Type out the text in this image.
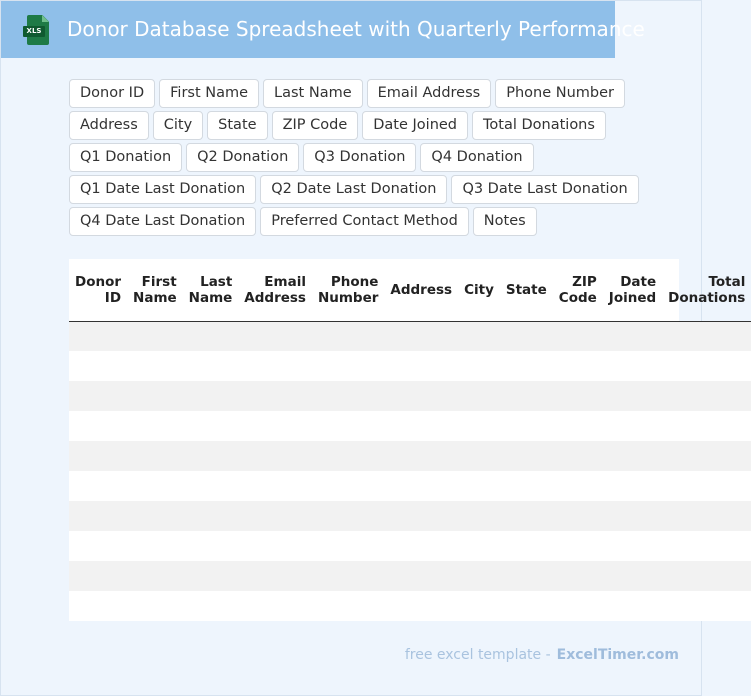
XLS Donor Database Spreadsheet with Quarterly Performance
Donor ID	First Name	Last Name	Email Address	Phone Number
Address	City	State	ZIP Code	Date Joined	Total Donations
Q1 Donation	Q2 Donation	Q3 Donation	Q4 Donation
Q1 Date Last Donation	Q2 Date Last Donation	Q3 Date Last Donation
Q4 Date Last Donation	Preferred Contact Method	Notes
Donor ID	First Name	Last Name	Email Address	Phone Number	Address	City	State	ZIP Code	Date Joined	Total Donations

free excel template - ExcelTimer.com
